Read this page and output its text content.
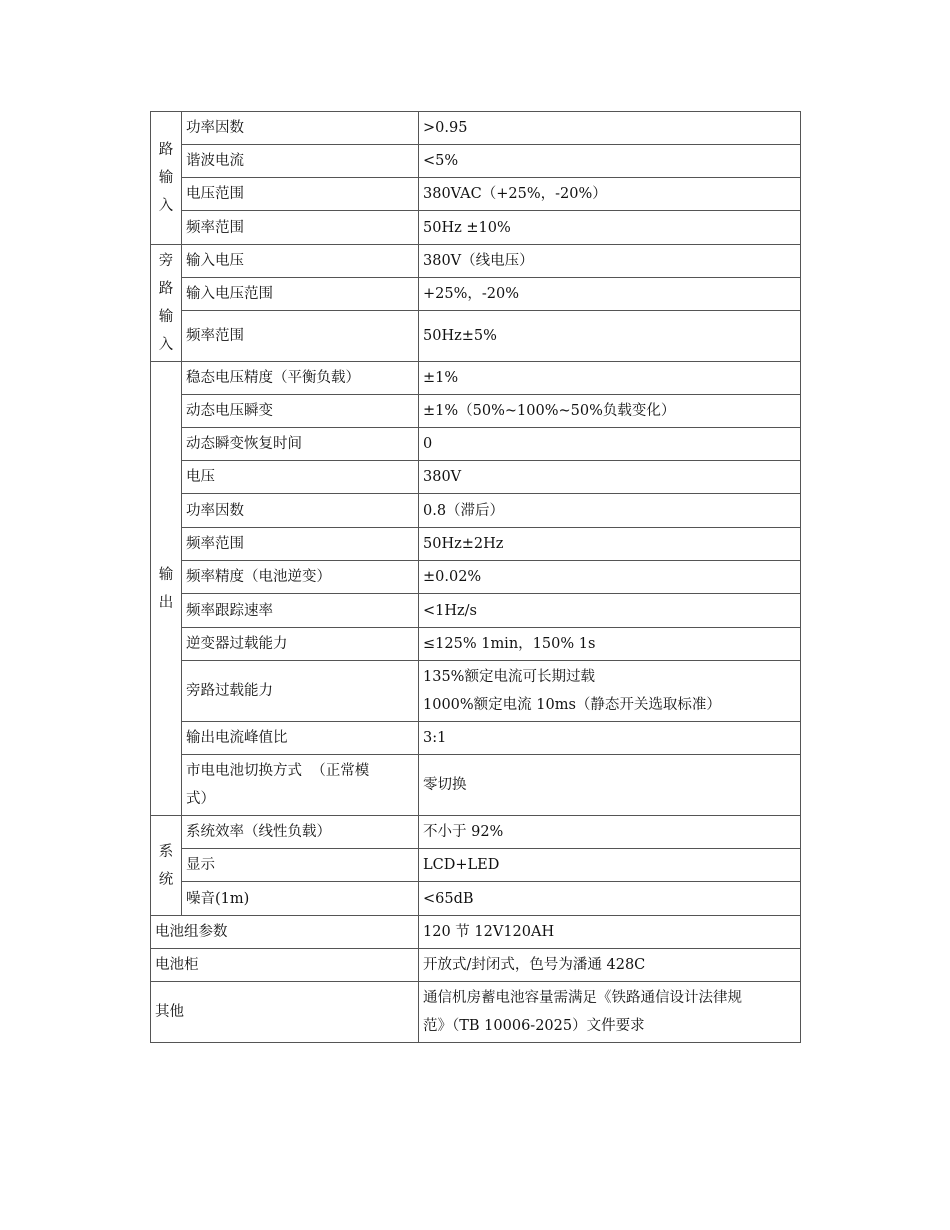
路输入	功率因数	>0.95
	谐波电流	<5%
	电压范围	380VAC（+25%，-20%）
	频率范围	50Hz ±10%

旁路输入	输入电压	380V（线电压）
	输入电压范围	+25%，-20%
	频率范围	50Hz±5%

输出	稳态电压精度（平衡负载）	±1%
	动态电压瞬变	±1%（50%~100%~50%负载变化）
	动态瞬变恢复时间	0
	电压	380V
	功率因数	0.8（滞后）
	频率范围	50Hz±2Hz
	频率精度（电池逆变）	±0.02%
	频率跟踪速率	<1Hz/s
	逆变器过载能力	≤125% 1min，150% 1s
	旁路过载能力	135%额定电流可长期过载
1000%额定电流 10ms（静态开关选取标准）

	输出电流峰值比	3:1

	市电电池切换方式  （正常模
式）	零切换

系统	系统效率（线性负载）	不小于 92%
	显示	LCD+LED
	噪音(1m)	<65dB
电池组参数		120 节 12V120AH
电池柜		开放式/封闭式，色号为潘通 428C
其他		通信机房蓄电池容量需满足《铁路通信设计法律规
范》（TB 10006-2025）文件要求
